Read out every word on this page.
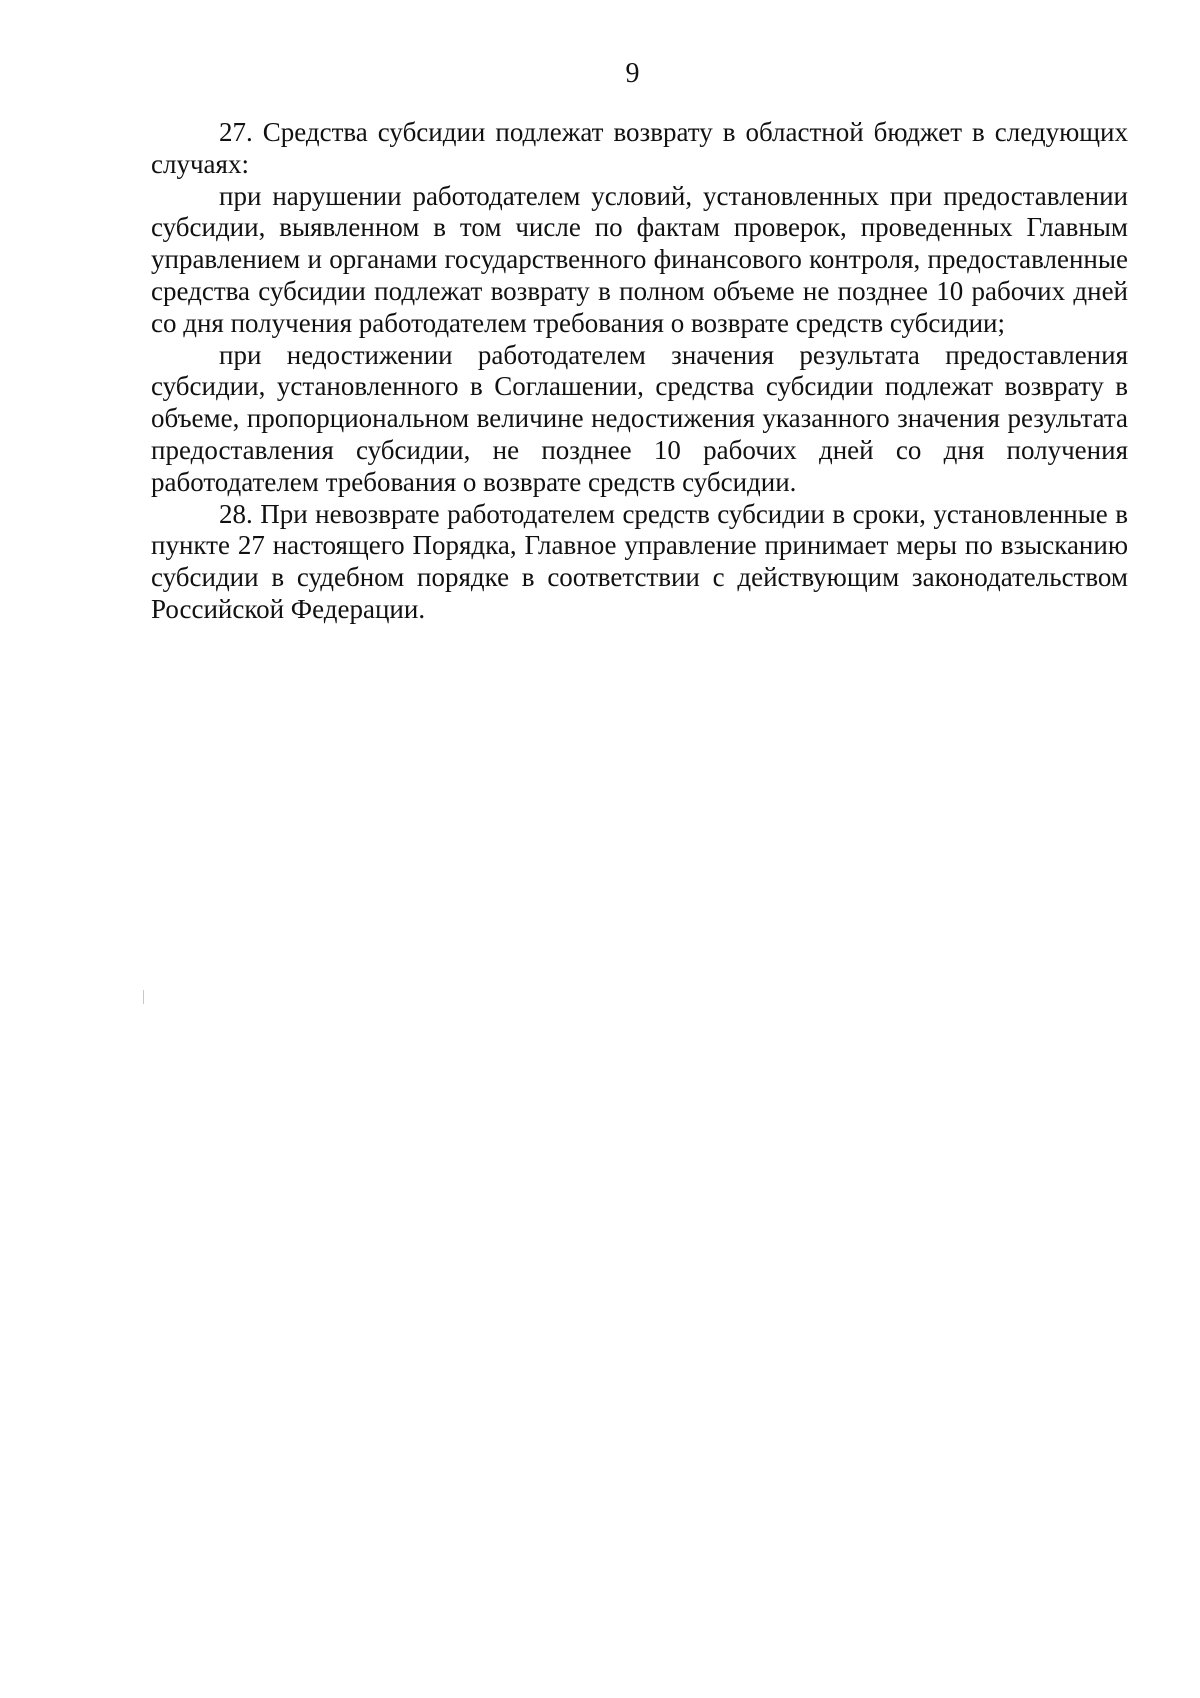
9

27. Средства субсидии подлежат возврату в областной бюджет в следующих случаях:

при нарушении работодателем условий, установленных при предоставлении субсидии, выявленном в том числе по фактам проверок, проведенных Главным управлением и органами государственного финансового контроля, предоставленные средства субсидии подлежат возврату в полном объеме не позднее 10 рабочих дней со дня получения работодателем требования о возврате средств субсидии;

при недостижении работодателем значения результата предоставления субсидии, установленного в Соглашении, средства субсидии подлежат возврату в объеме, пропорциональном величине недостижения указанного значения результата предоставления субсидии, не позднее 10 рабочих дней со дня получения работодателем требования о возврате средств субсидии.

28. При невозврате работодателем средств субсидии в сроки, установленные в пункте 27 настоящего Порядка, Главное управление принимает меры по взысканию субсидии в судебном порядке в соответствии с действующим законодательством Российской Федерации.
